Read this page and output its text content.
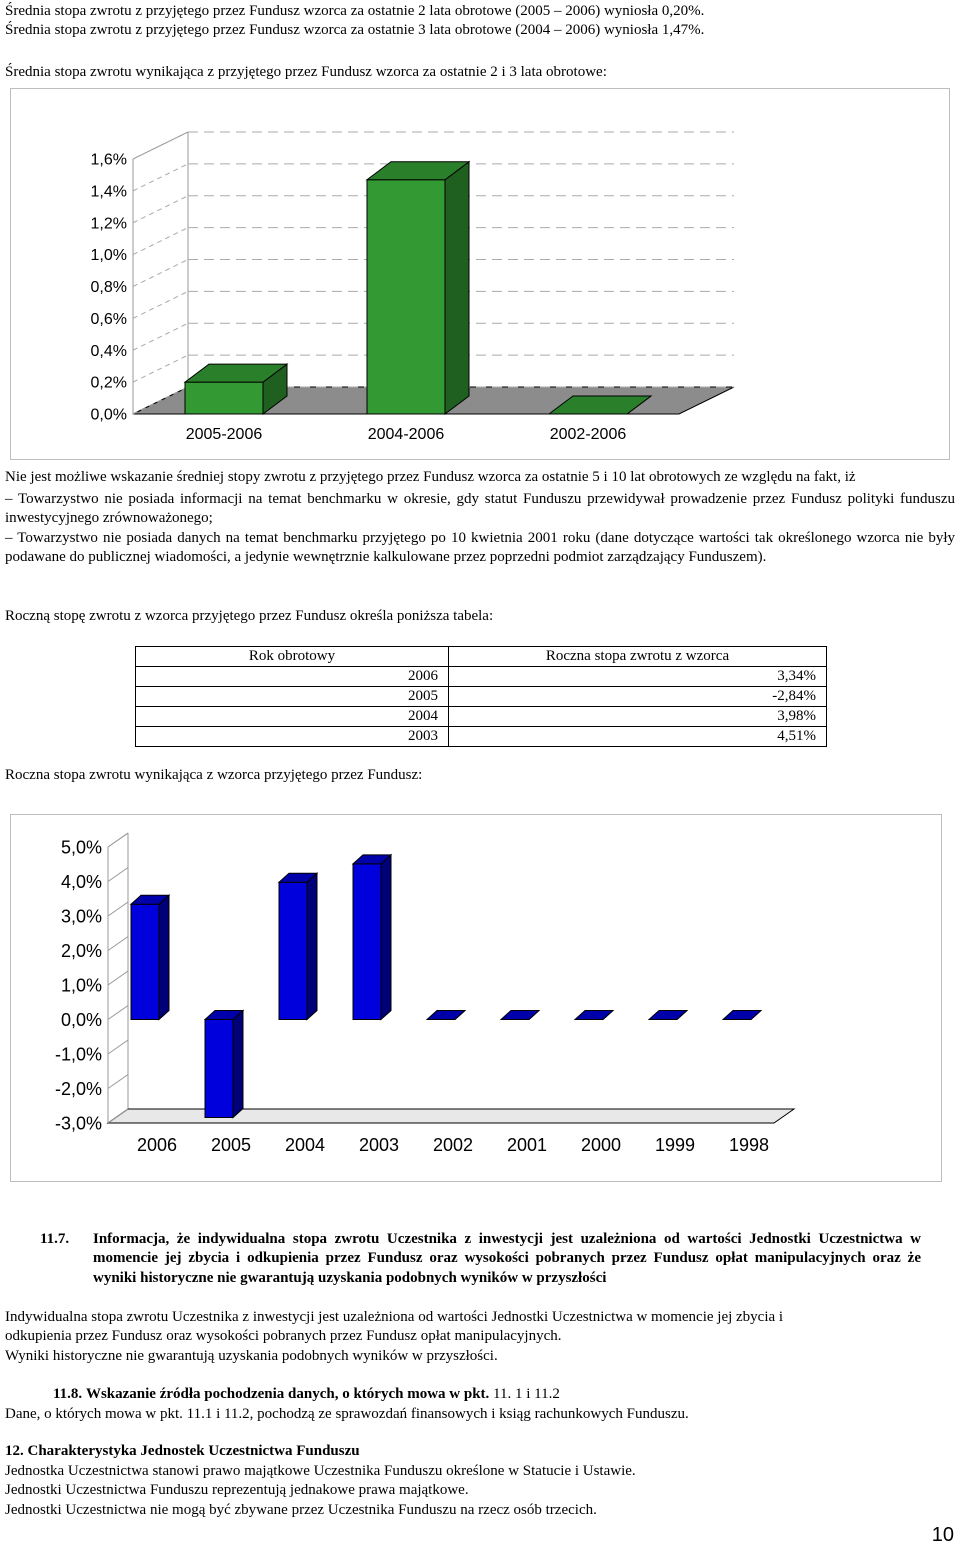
Średnia stopa zwrotu z przyjętego przez Fundusz wzorca za ostatnie 2 lata obrotowe (2005 – 2006) wyniosła 0,20%.
Średnia stopa zwrotu z przyjętego przez Fundusz wzorca za ostatnie 3 lata obrotowe (2004 – 2006) wyniosła 1,47%.
Średnia stopa zwrotu wynikająca z przyjętego przez Fundusz wzorca za ostatnie 2 i 3 lata obrotowe:
0,0%
0,2%
0,4%
0,6%
0,8%
1,0%
1,2%
1,4%
1,6%
2005-2006	2004-2006	2002-2006
Nie jest możliwe wskazanie średniej stopy zwrotu z przyjętego przez Fundusz wzorca za ostatnie 5 i 10 lat obrotowych ze względu na fakt, iż
– Towarzystwo nie posiada informacji na temat benchmarku w okresie, gdy statut Funduszu przewidywał prowadzenie przez Fundusz polityki funduszu inwestycyjnego zrównoważonego;
– Towarzystwo nie posiada danych na temat benchmarku przyjętego po 10 kwietnia 2001 roku (dane dotyczące wartości tak określonego wzorca nie były podawane do publicznej wiadomości, a jedynie wewnętrznie kalkulowane przez poprzedni podmiot zarządzający Funduszem).
Roczną stopę zwrotu z wzorca przyjętego przez Fundusz określa poniższa tabela:
Rok obrotowy	Roczna stopa zwrotu z wzorca
2006	3,34%
2005	-2,84%
2004	3,98%
2003	4,51%
Roczna stopa zwrotu wynikająca z wzorca przyjętego przez Fundusz:
-3,0%
-2,0%
-1,0%
0,0%
1,0%
2,0%
3,0%
4,0%
5,0%
2006 2005 2004 2003 2002 2001 2000 1999 1998
11.7. Informacja, że indywidualna stopa zwrotu Uczestnika z inwestycji jest uzależniona od wartości Jednostki Uczestnictwa w momencie jej zbycia i odkupienia przez Fundusz oraz wysokości pobranych przez Fundusz opłat manipulacyjnych oraz że wyniki historyczne nie gwarantują uzyskania podobnych wyników w przyszłości
Indywidualna stopa zwrotu Uczestnika z inwestycji jest uzależniona od wartości Jednostki Uczestnictwa w momencie jej zbycia i
odkupienia przez Fundusz oraz wysokości pobranych przez Fundusz opłat manipulacyjnych.
Wyniki historyczne nie gwarantują uzyskania podobnych wyników w przyszłości.
11.8. Wskazanie źródła pochodzenia danych, o których mowa w pkt. 11. 1 i 11.2
Dane, o których mowa w pkt. 11.1 i 11.2, pochodzą ze sprawozdań finansowych i ksiąg rachunkowych Funduszu.
12. Charakterystyka Jednostek Uczestnictwa Funduszu
Jednostka Uczestnictwa stanowi prawo majątkowe Uczestnika Funduszu określone w Statucie i Ustawie.
Jednostki Uczestnictwa Funduszu reprezentują jednakowe prawa majątkowe.
Jednostki Uczestnictwa nie mogą być zbywane przez Uczestnika Funduszu na rzecz osób trzecich.
10
